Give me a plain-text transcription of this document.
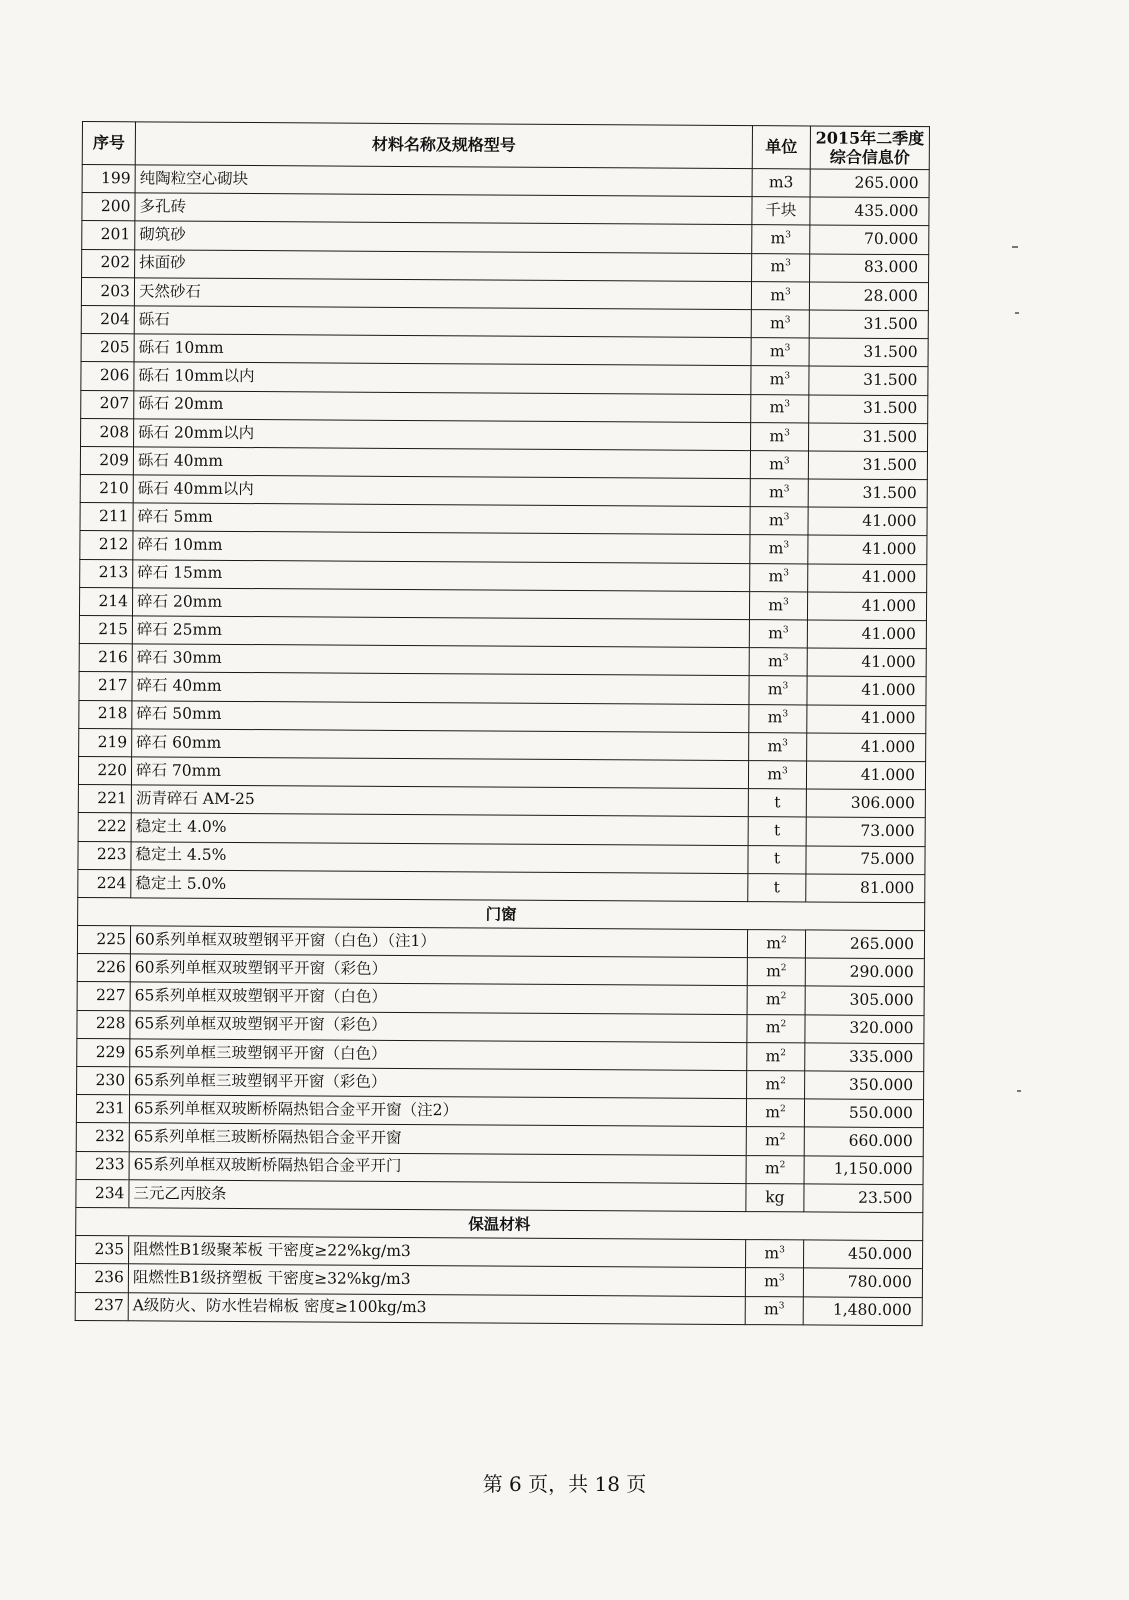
序号	材料名称及规格型号	单位	2015年二季度综合信息价
199	纯陶粒空心砌块	m3	265.000
200	多孔砖	千块	435.000
201	砌筑砂	$m^3$	70.000
202	抹面砂	$m^3$	83.000
203	天然砂石	$m^3$	28.000
204	砾石	$m^3$	31.500
205	砾石 10mm	$m^3$	31.500
206	砾石 10mm以内	$m^3$	31.500
207	砾石 20mm	$m^3$	31.500
208	砾石 20mm以内	$m^3$	31.500
209	砾石 40mm	$m^3$	31.500
210	砾石 40mm以内	$m^3$	31.500
211	碎石 5mm	$m^3$	41.000
212	碎石 10mm	$m^3$	41.000
213	碎石 15mm	$m^3$	41.000
214	碎石 20mm	$m^3$	41.000
215	碎石 25mm	$m^3$	41.000
216	碎石 30mm	$m^3$	41.000
217	碎石 40mm	$m^3$	41.000
218	碎石 50mm	$m^3$	41.000
219	碎石 60mm	$m^3$	41.000
220	碎石 70mm	$m^3$	41.000
221	沥青碎石 AM-25	t	306.000
222	稳定土 4.0%	t	73.000
223	稳定土 4.5%	t	75.000
224	稳定土 5.0%	t	81.000
门窗			
225	60系列单框双玻塑钢平开窗（白色）（注1）	$m^2$	265.000
226	60系列单框双玻塑钢平开窗（彩色）	$m^2$	290.000
227	65系列单框双玻塑钢平开窗（白色）	$m^2$	305.000
228	65系列单框双玻塑钢平开窗（彩色）	$m^2$	320.000
229	65系列单框三玻塑钢平开窗（白色）	$m^2$	335.000
230	65系列单框三玻塑钢平开窗（彩色）	$m^2$	350.000
231	65系列单框双玻断桥隔热铝合金平开窗（注2）	$m^2$	550.000
232	65系列单框三玻断桥隔热铝合金平开窗	$m^2$	660.000
233	65系列单框双玻断桥隔热铝合金平开门	$m^2$	1,150.000
234	三元乙丙胶条	kg	23.500
保温材料			
235	阻燃性B1级聚苯板 干密度≥22%kg/m3	$m^3$	450.000
236	阻燃性B1级挤塑板 干密度≥32%kg/m3	$m^3$	780.000
237	A级防火、防水性岩棉板 密度≥100kg/m3	$m^3$	1,480.000
第 6 页，共 18 页
